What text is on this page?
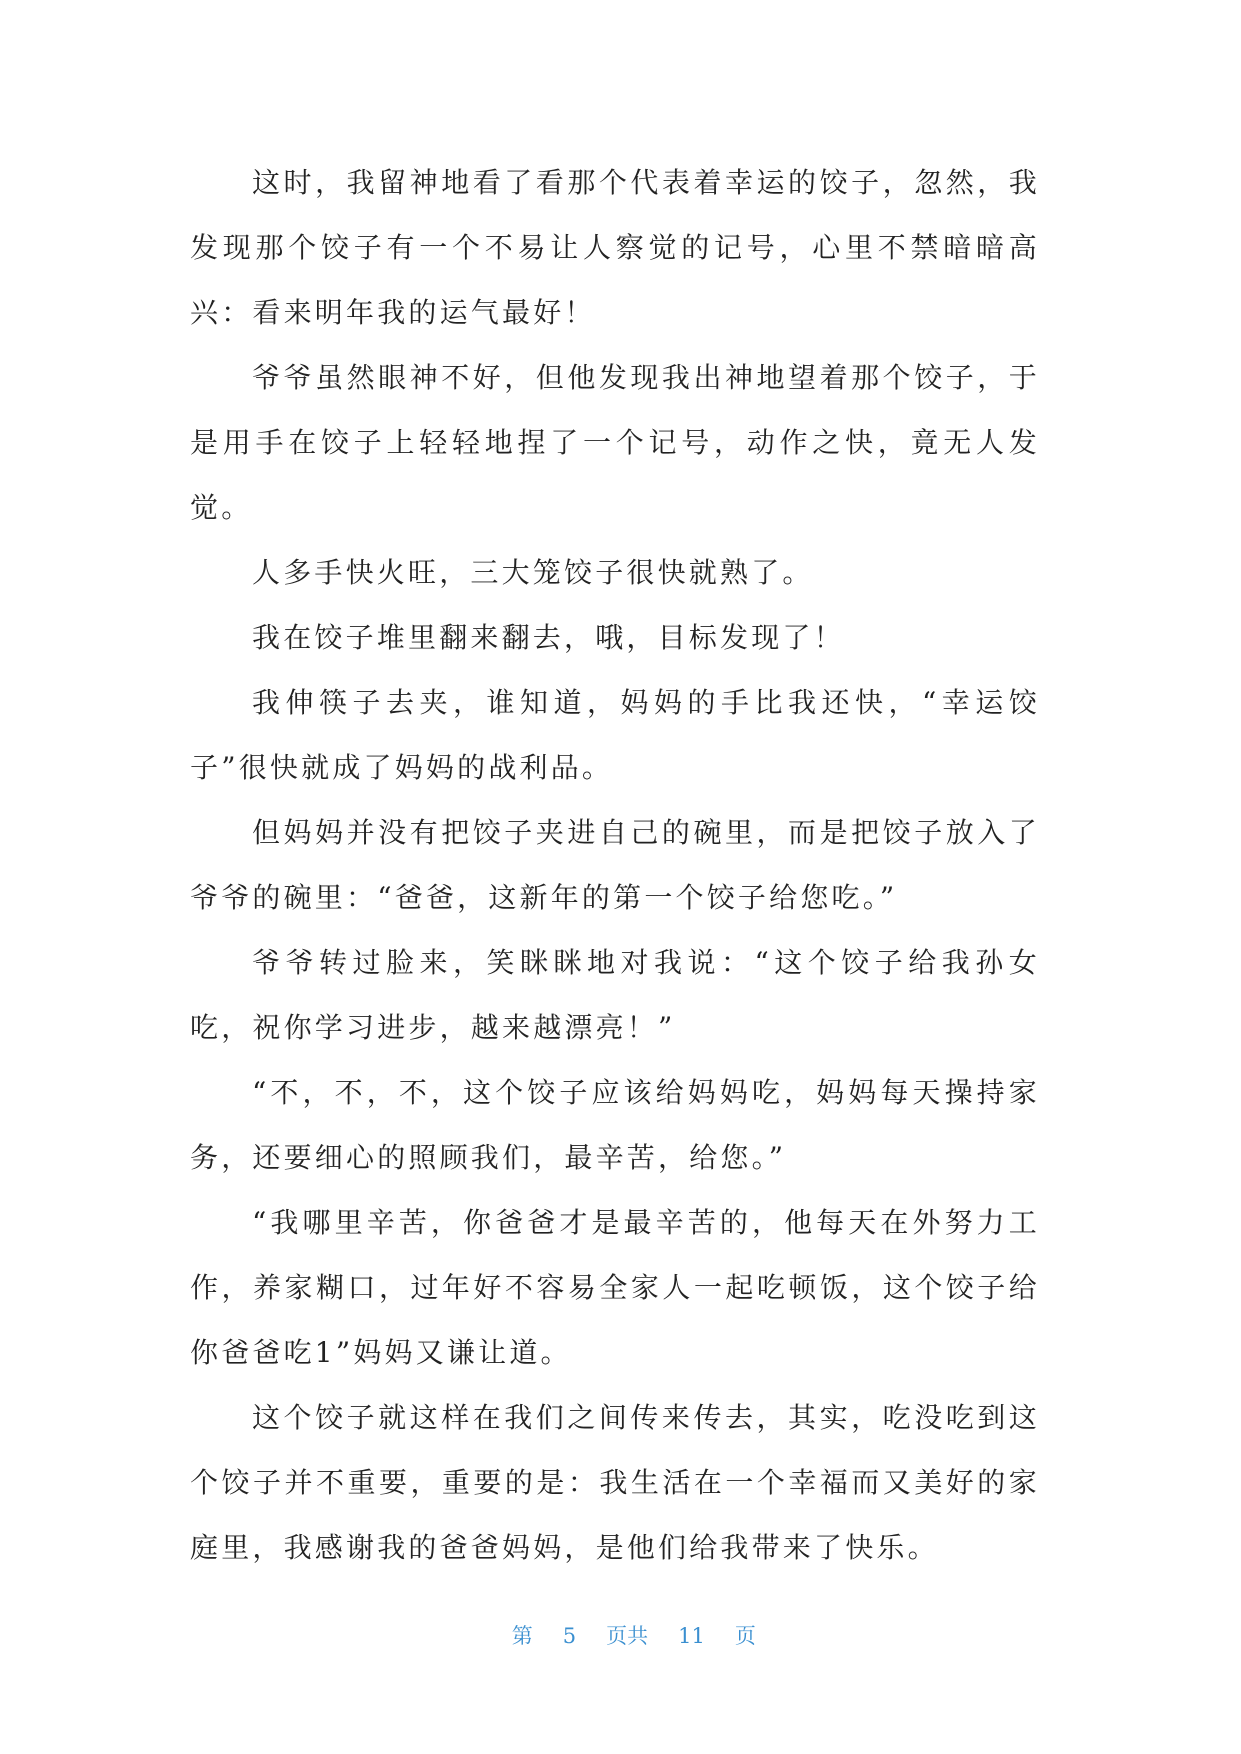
这时，我留神地看了看那个代表着幸运的饺子，忽然，我发现那个饺子有一个不易让人察觉的记号，心里不禁暗暗高兴：看来明年我的运气最好！

爷爷虽然眼神不好，但他发现我出神地望着那个饺子，于是用手在饺子上轻轻地捏了一个记号，动作之快，竟无人发觉。

人多手快火旺，三大笼饺子很快就熟了。

我在饺子堆里翻来翻去，哦，目标发现了！

我伸筷子去夹，谁知道，妈妈的手比我还快，“幸运饺子”很快就成了妈妈的战利品。

但妈妈并没有把饺子夹进自己的碗里，而是把饺子放入了爷爷的碗里：“爸爸，这新年的第一个饺子给您吃。”

爷爷转过脸来，笑眯眯地对我说：“这个饺子给我孙女吃，祝你学习进步，越来越漂亮！”

“不，不，不，这个饺子应该给妈妈吃，妈妈每天操持家务，还要细心的照顾我们，最辛苦，给您。”

“我哪里辛苦，你爸爸才是最辛苦的，他每天在外努力工作，养家糊口，过年好不容易全家人一起吃顿饭，这个饺子给你爸爸吃1”妈妈又谦让道。

这个饺子就这样在我们之间传来传去，其实，吃没吃到这个饺子并不重要，重要的是：我生活在一个幸福而又美好的家庭里，我感谢我的爸爸妈妈，是他们给我带来了快乐。

第 5 页共 11 页
